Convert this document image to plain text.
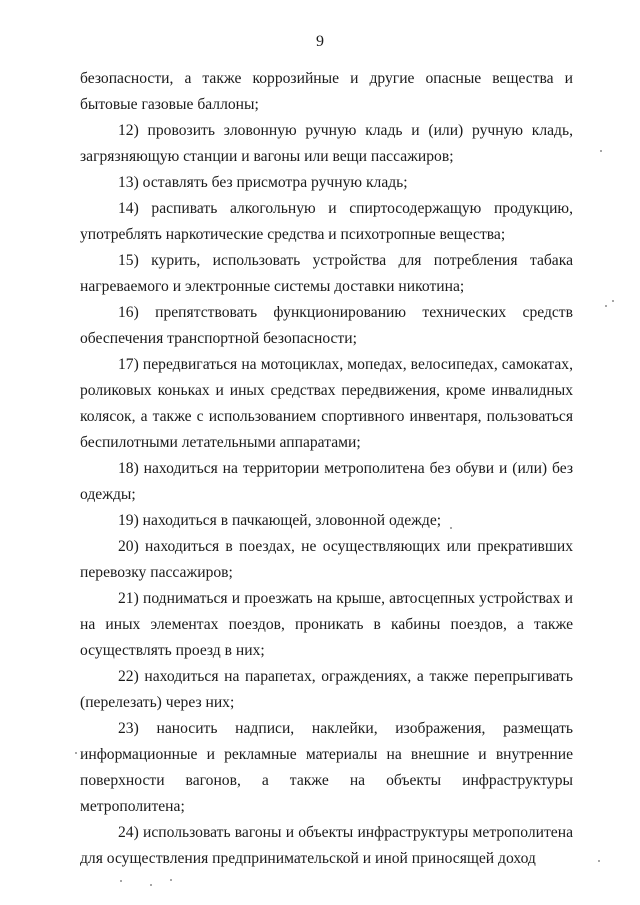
9

безопасности, а также коррозийные и другие опасные вещества и бытовые газовые баллоны;

12) провозить зловонную ручную кладь и (или) ручную кладь, загрязняющую станции и вагоны или вещи пассажиров;

13) оставлять без присмотра ручную кладь;

14) распивать алкогольную и спиртосодержащую продукцию, употреблять наркотические средства и психотропные вещества;

15) курить, использовать устройства для потребления табака нагреваемого и электронные системы доставки никотина;

16) препятствовать функционированию технических средств обеспечения транспортной безопасности;

17) передвигаться на мотоциклах, мопедах, велосипедах, самокатах, роликовых коньках и иных средствах передвижения, кроме инвалидных колясок, а также с использованием спортивного инвентаря, пользоваться беспилотными летательными аппаратами;

18) находиться на территории метрополитена без обуви и (или) без одежды;

19) находиться в пачкающей, зловонной одежде;

20) находиться в поездах, не осуществляющих или прекративших перевозку пассажиров;

21) подниматься и проезжать на крыше, автосцепных устройствах и на иных элементах поездов, проникать в кабины поездов, а также осуществлять проезд в них;

22) находиться на парапетах, ограждениях, а также перепрыгивать (перелезать) через них;

23) наносить надписи, наклейки, изображения, размещать информационные и рекламные материалы на внешние и внутренние поверхности вагонов, а также на объекты инфраструктуры метрополитена;

24) использовать вагоны и объекты инфраструктуры метрополитена для осуществления предпринимательской и иной приносящей доход
